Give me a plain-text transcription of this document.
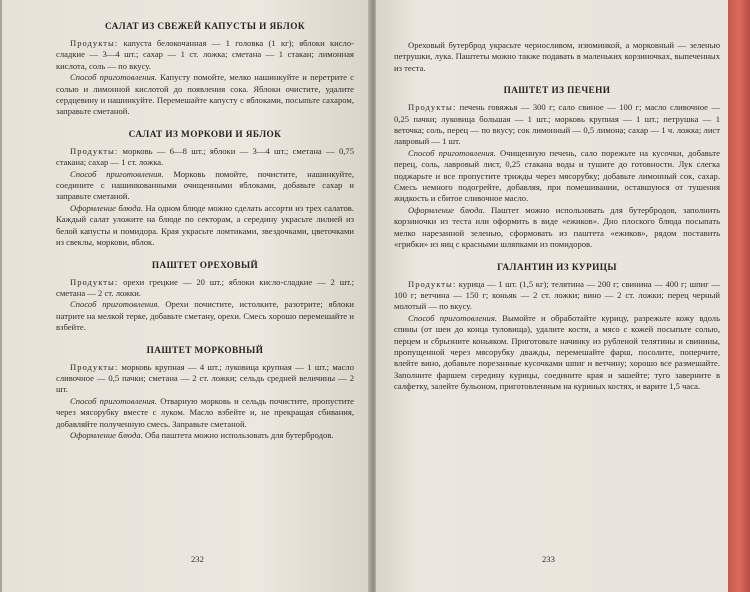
САЛАТ ИЗ СВЕЖЕЙ КАПУСТЫ И ЯБЛОК

Продукты: капуста белокочанная — 1 головка (1 кг); яблоки кисло-сладкие — 3—4 шт.; сахар — 1 ст. ложка; сметана — 1 стакан; лимонная кислота, соль — по вкусу.

Способ приготовления. Капусту помойте, мелко нашинкуйте и перетрите с солью и лимонной кислотой до появления сока. Яблоки очистите, удалите сердцевину и нашинкуйте. Перемешайте капусту с яблоками, посыпьте сахаром, заправьте сметаной.

САЛАТ ИЗ МОРКОВИ И ЯБЛОК

Продукты: морковь — 6—8 шт.; яблоки — 3—4 шт.; сметана — 0,75 стакана; сахар — 1 ст. ложка.

Способ приготовления. Морковь помойте, почистите, нашинкуйте, соедините с нашинкованными очищенными яблоками, добавьте сахар и заправьте сметаной.

Оформление блюда. На одном блюде можно сделать ассорти из трех салатов. Каждый салат уложите на блюде по секторам, а середину украсьте лилией из белой капусты и помидора. Края украсьте ломтиками, звездочками, цветочками из свеклы, моркови, яблок.

ПАШТЕТ ОРЕХОВЫЙ

Продукты: орехи грецкие — 20 шт.; яблоки кисло-сладкие — 2 шт.; сметана — 2 ст. ложки.

Способ приготовления. Орехи почистите, истолките, разотрите; яблоки натрите на мелкой терке, добавьте сметану, орехи. Смесь хорошо перемешайте и взбейте.

ПАШТЕТ МОРКОВНЫЙ

Продукты: морковь крупная — 4 шт.; луковица крупная — 1 шт.; масло сливочное — 0,5 пачки; сметана — 2 ст. ложки; сельдь средней величины — 2 шт.

Способ приготовления. Отварную морковь и сельдь почистите, пропустите через мясорубку вместе с луком. Масло взбейте и, не прекращая сбивания, добавляйте полученную смесь. Заправьте сметаной.

Оформление блюда. Оба паштета можно использовать для бутербродов.

232

Ореховый бутерброд украсьте черносливом, изюминкой, а морковный — зеленью петрушки, лука. Паштеты можно также подавать в маленьких корзиночках, выпеченных из теста.

ПАШТЕТ ИЗ ПЕЧЕНИ

Продукты: печень говяжья — 300 г; сало свиное — 100 г; масло сливочное — 0,25 пачки; луковица большая — 1 шт.; морковь крупная — 1 шт.; петрушка — 1 веточка; соль, перец — по вкусу; сок лимонный — 0,5 лимона; сахар — 1 ч. ложка; лист лавровый — 1 шт.

Способ приготовления. Очищенную печень, сало порежьте на кусочки, добавьте перец, соль, лавровый лист, 0,25 стакана воды и тушите до готовности. Лук слегка поджарьте и все пропустите трижды через мясорубку; добавьте лимонный сок, сахар. Смесь немного подогрейте, добавляя, при помешивании, оставшуюся от тушения жидкость и сбитое сливочное масло.

Оформление блюда. Паштет можно использовать для бутербродов, заполнить корзиночки из теста или оформить в виде «ежиков». Дно плоского блюда посыпать мелко нарезанной зеленью, сформовать из паштета «ежиков», рядом поставить «грибки» из яиц с красными шляпками из помидоров.

ГАЛАНТИН ИЗ КУРИЦЫ

Продукты: курица — 1 шт. (1,5 кг); телятина — 200 г; свинина — 400 г; шпиг — 100 г; ветчина — 150 г; коньяк — 2 ст. ложки; вино — 2 ст. ложки; перец черный молотый — по вкусу.

Способ приготовления. Вымойте и обработайте курицу, разрежьте кожу вдоль спины (от шеи до конца туловища), удалите кости, а мясо с кожей посыпьте солью, перцем и сбрызните коньяком. Приготовьте начинку из рубленой телятины и свинины, пропущенной через мясорубку дважды, перемешайте фарш, посолите, поперчите, влейте вино, добавьте порезанные кусочками шпиг и ветчину; хорошо все размешайте. Заполните фаршем середину курицы, соедините края и зашейте; туго заверните в салфетку, залейте бульоном, приготовленным на куриных костях, и варите 1,5 часа.

233
